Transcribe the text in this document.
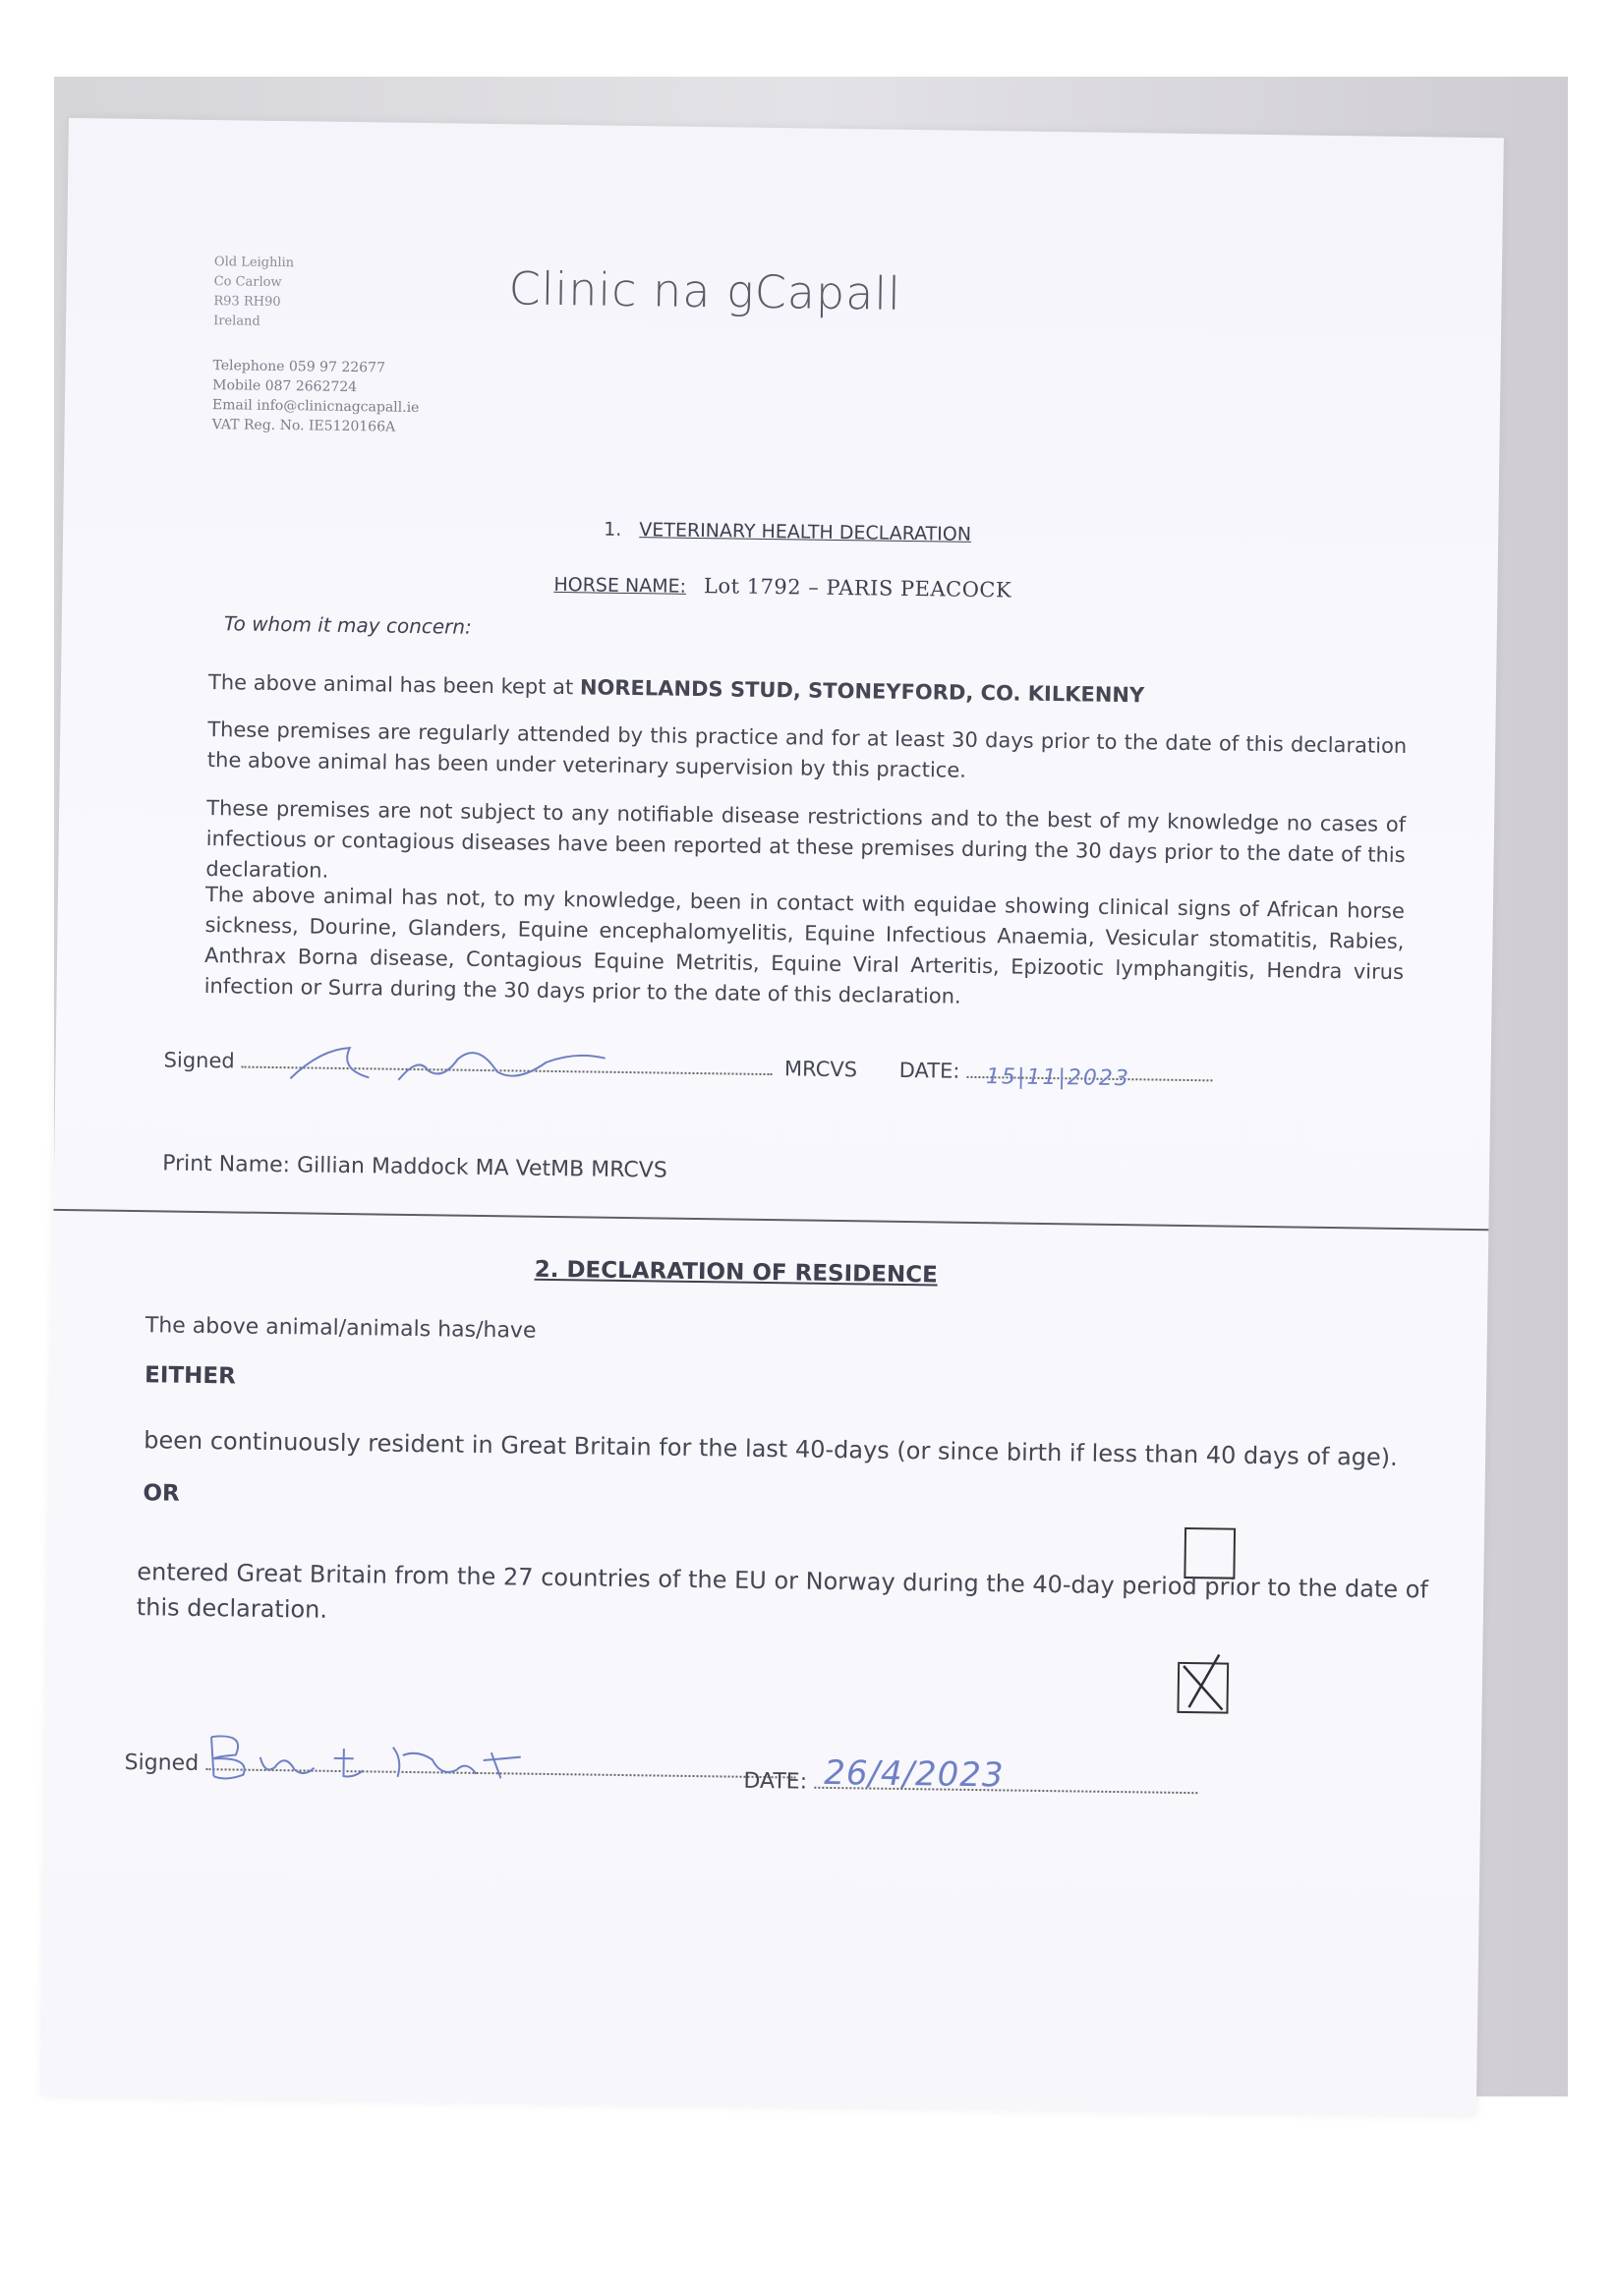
Old Leighlin
Co Carlow
R93 RH90
Ireland
Clinic na gCapall
Telephone 059 97 22677
Mobile 087 2662724
Email info@clinicnagcapall.ie
VAT Reg. No. IE5120166A
1. VETERINARY HEALTH DECLARATION
HORSE NAME: Lot 1792 – PARIS PEACOCK
To whom it may concern:
The above animal has been kept at NORELANDS STUD, STONEYFORD, CO. KILKENNY
These premises are regularly attended by this practice and for at least 30 days prior to the date of this declaration the above animal has been under veterinary supervision by this practice.
These premises are not subject to any notifiable disease restrictions and to the best of my knowledge no cases of infectious or contagious diseases have been reported at these premises during the 30 days prior to the date of this declaration.
The above animal has not, to my knowledge, been in contact with equidae showing clinical signs of African horse sickness, Dourine, Glanders, Equine encephalomyelitis, Equine Infectious Anaemia, Vesicular stomatitis, Rabies, Anthrax Borna disease, Contagious Equine Metritis, Equine Viral Arteritis, Epizootic lymphangitis, Hendra virus infection or Surra during the 30 days prior to the date of this declaration.
Signed	MRCVS DATE: 15|11|2023
Print Name: Gillian Maddock MA VetMB MRCVS
2. DECLARATION OF RESIDENCE
The above animal/animals has/have
EITHER
been continuously resident in Great Britain for the last 40-days (or since birth if less than 40 days of age).
OR
entered Great Britain from the 27 countries of the EU or Norway during the 40-day period prior to the date of this declaration.
Signed
DATE: 26/4/2023
